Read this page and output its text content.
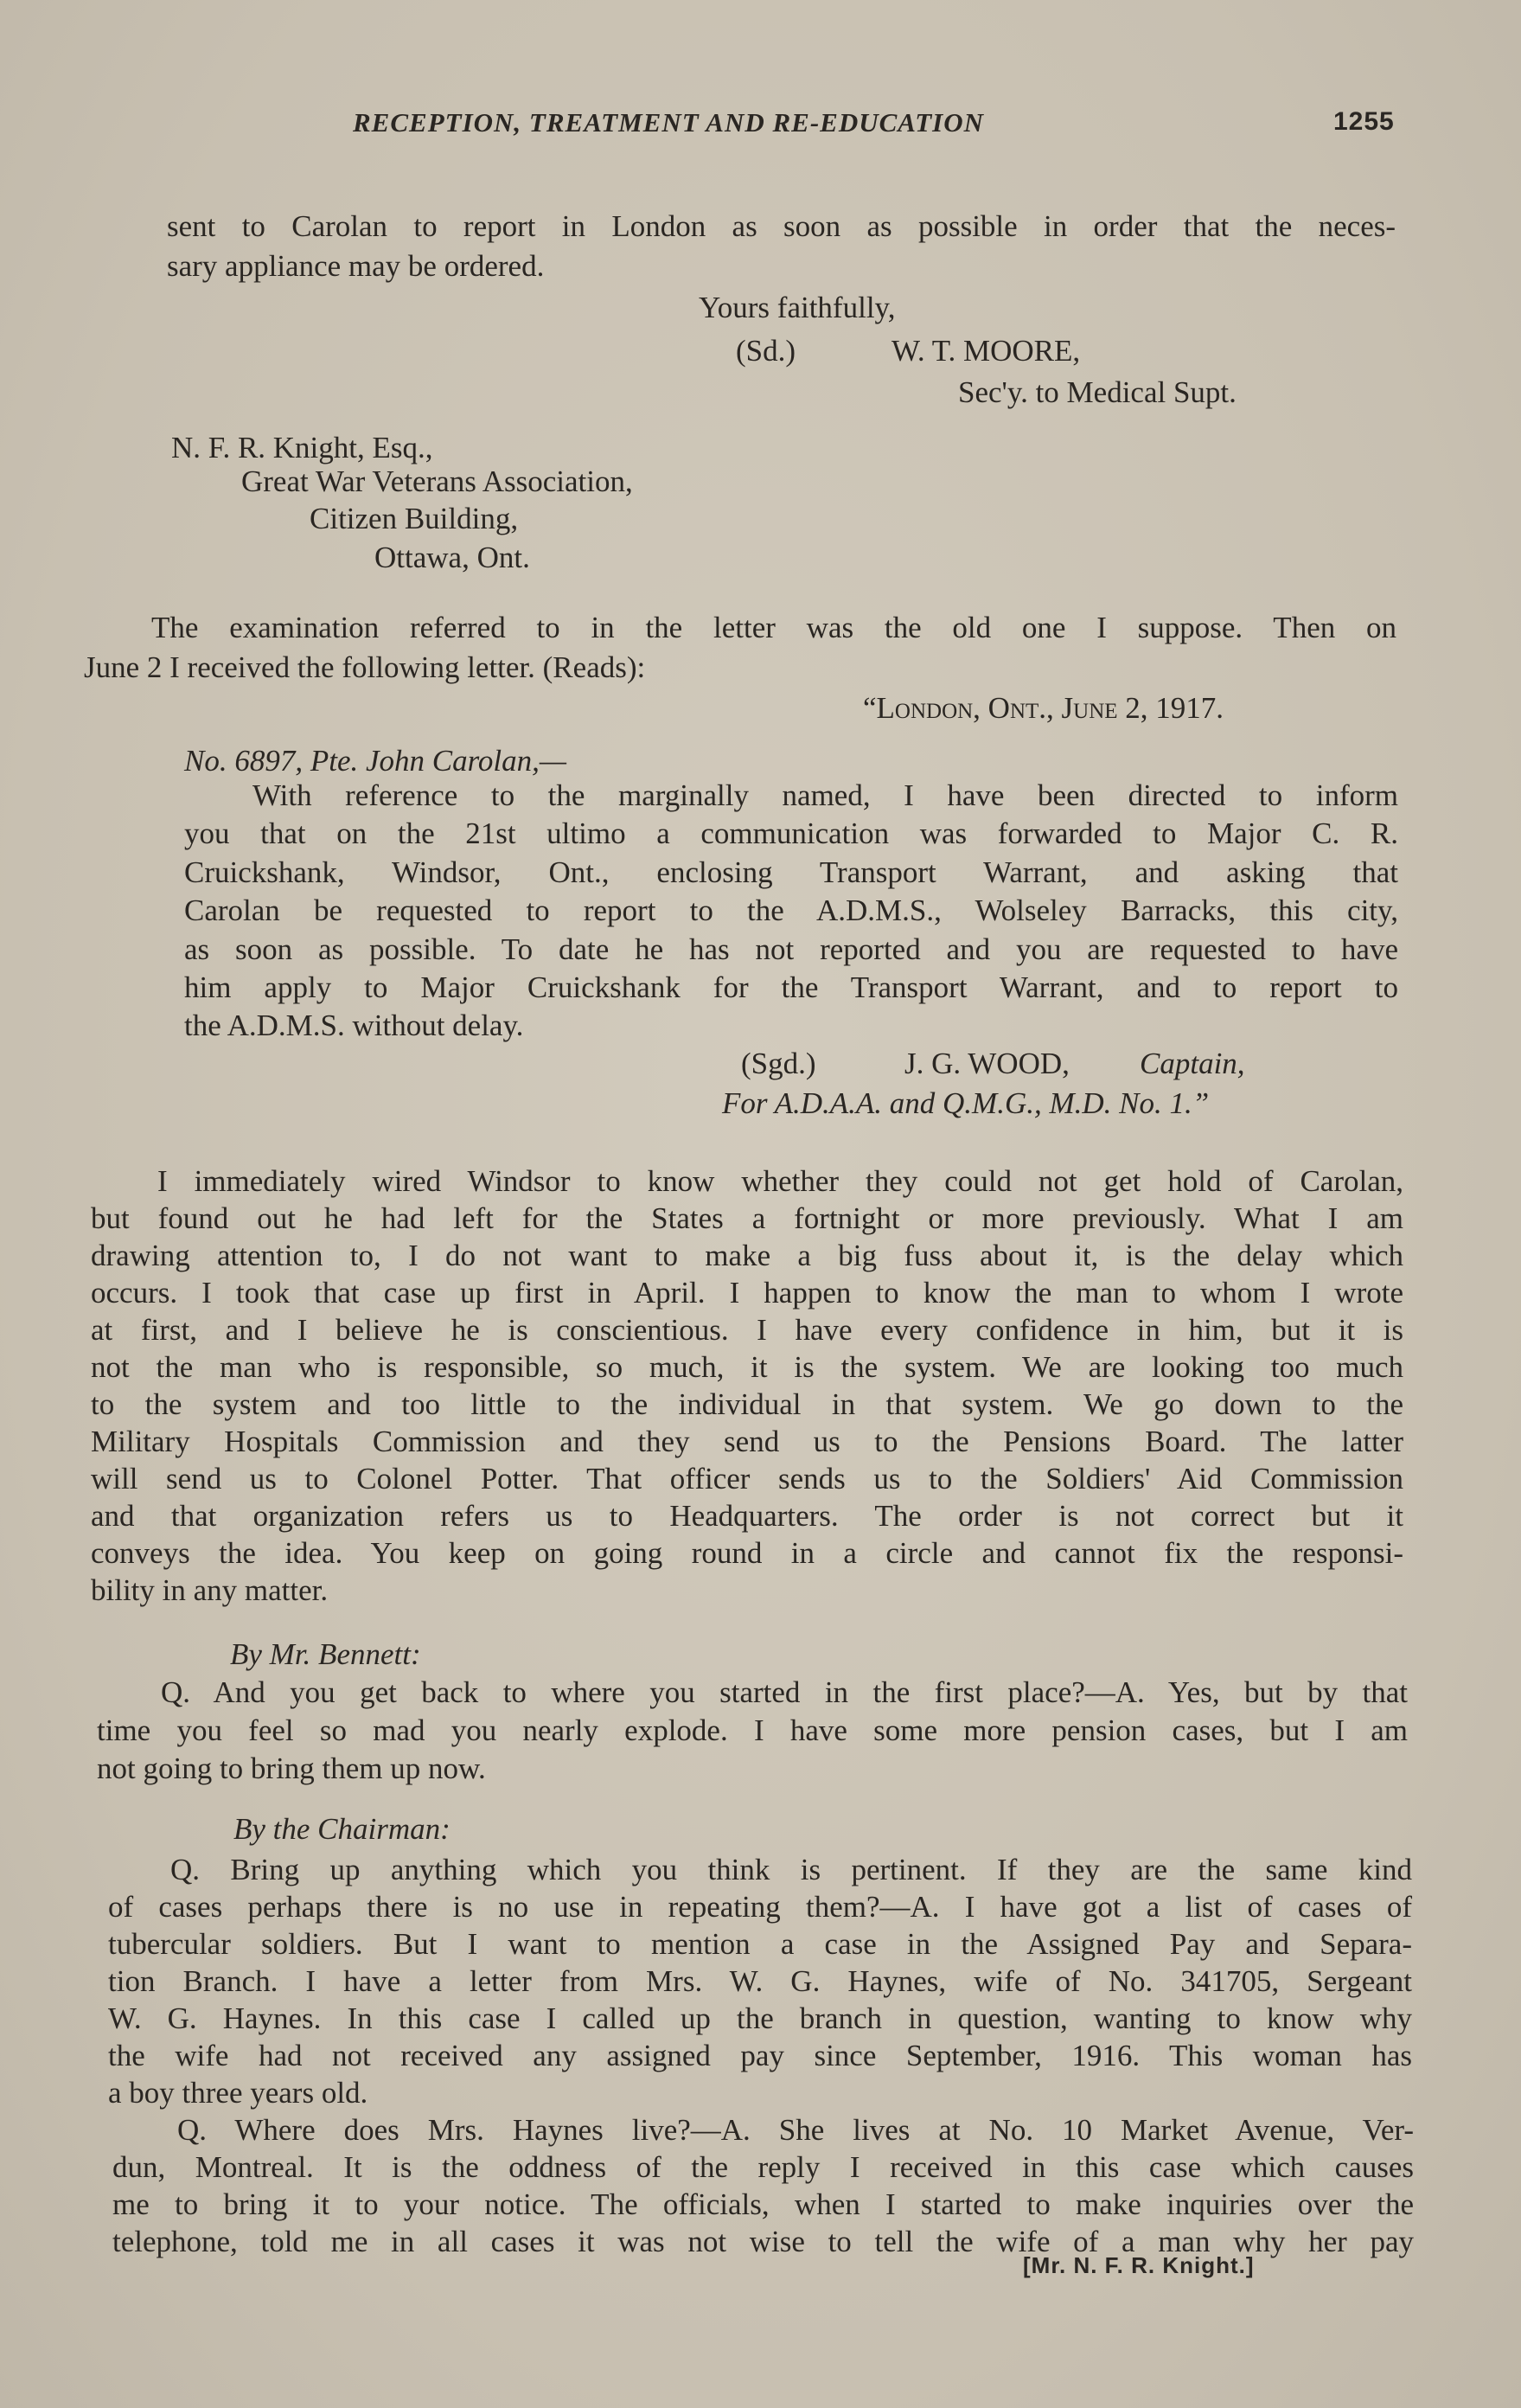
RECEPTION, TREATMENT AND RE-EDUCATION	1255
sent to Carolan to report in London as soon as possible in order that the neces-
sary appliance may be ordered.
Yours faithfully,
(Sd.)	W. T. MOORE,
Sec'y. to Medical Supt.
N. F. R. Knight, Esq.,
Great War Veterans Association,
Citizen Building,
Ottawa, Ont.
The examination referred to in the letter was the old one I suppose. Then on
June 2 I received the following letter. (Reads):
“London, Ont., June 2, 1917.
No. 6897, Pte. John Carolan,—
With reference to the marginally named, I have been directed to inform
you that on the 21st ultimo a communication was forwarded to Major C. R.
Cruickshank, Windsor, Ont., enclosing Transport Warrant, and asking that
Carolan be requested to report to the A.D.M.S., Wolseley Barracks, this city,
as soon as possible. To date he has not reported and you are requested to have
him apply to Major Cruickshank for the Transport Warrant, and to report to
the A.D.M.S. without delay.
(Sgd.)	J. G. WOOD, Captain,
For A.D.A.A. and Q.M.G., M.D. No. 1.”
I immediately wired Windsor to know whether they could not get hold of Carolan,
but found out he had left for the States a fortnight or more previously. What I am
drawing attention to, I do not want to make a big fuss about it, is the delay which
occurs. I took that case up first in April. I happen to know the man to whom I wrote
at first, and I believe he is conscientious. I have every confidence in him, but it is
not the man who is responsible, so much, it is the system. We are looking too much
to the system and too little to the individual in that system. We go down to the
Military Hospitals Commission and they send us to the Pensions Board. The latter
will send us to Colonel Potter. That officer sends us to the Soldiers' Aid Commission
and that organization refers us to Headquarters. The order is not correct but it
conveys the idea. You keep on going round in a circle and cannot fix the responsi-
bility in any matter.
By Mr. Bennett:
Q. And you get back to where you started in the first place?—A. Yes, but by that
time you feel so mad you nearly explode. I have some more pension cases, but I am
not going to bring them up now.
By the Chairman:
Q. Bring up anything which you think is pertinent. If they are the same kind
of cases perhaps there is no use in repeating them?—A. I have got a list of cases of
tubercular soldiers. But I want to mention a case in the Assigned Pay and Separa-
tion Branch. I have a letter from Mrs. W. G. Haynes, wife of No. 341705, Sergeant
W. G. Haynes. In this case I called up the branch in question, wanting to know why
the wife had not received any assigned pay since September, 1916. This woman has
a boy three years old.
Q. Where does Mrs. Haynes live?—A. She lives at No. 10 Market Avenue, Ver-
dun, Montreal. It is the oddness of the reply I received in this case which causes
me to bring it to your notice. The officials, when I started to make inquiries over the
telephone, told me in all cases it was not wise to tell the wife of a man why her pay
[Mr. N. F. R. Knight.]
